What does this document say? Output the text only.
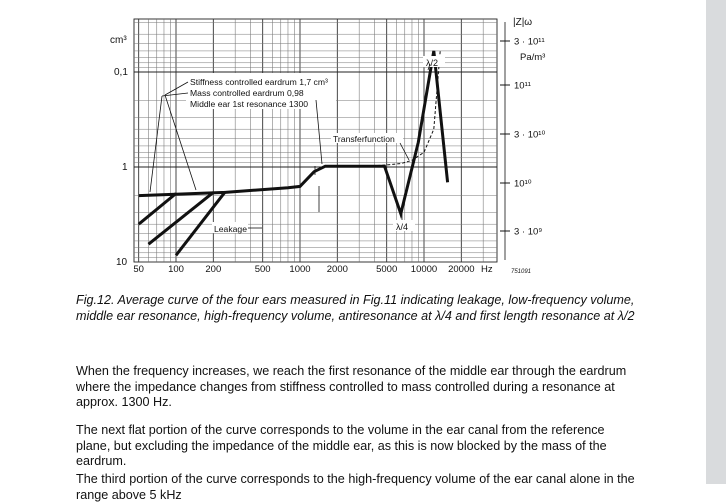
cm³
0,1
1
10
|Z|ω
Pa/m³
3 · 10¹¹
10¹¹
3 · 10¹⁰
10¹⁰
3 · 10⁹
50	100 200	500 1000 2000	5000 10000 20000 Hz	751091
Stiffness controlled eardrum 1,7 cm³
Mass controlled eardrum 0,98
Middle ear 1st resonance 1300
Transferfunction
λ/2
λ/4
Leakage
Fig.12. Average curve of the four ears measured in Fig.11 indicating leakage, low-frequency volume, middle ear resonance, high-frequency volume, antiresonance at λ/4 and first length resonance at λ/2
When the frequency increases, we reach the first resonance of the middle ear through the eardrum where the impedance changes from stiffness controlled to mass controlled during a resonance at approx. 1300 Hz.
The next flat portion of the curve corresponds to the volume in the ear canal from the reference plane, but excluding the impedance of the middle ear, as this is now blocked by the mass of the eardrum.
The third portion of the curve corresponds to the high-frequency volume of the ear canal alone in the range above 5 kHz
